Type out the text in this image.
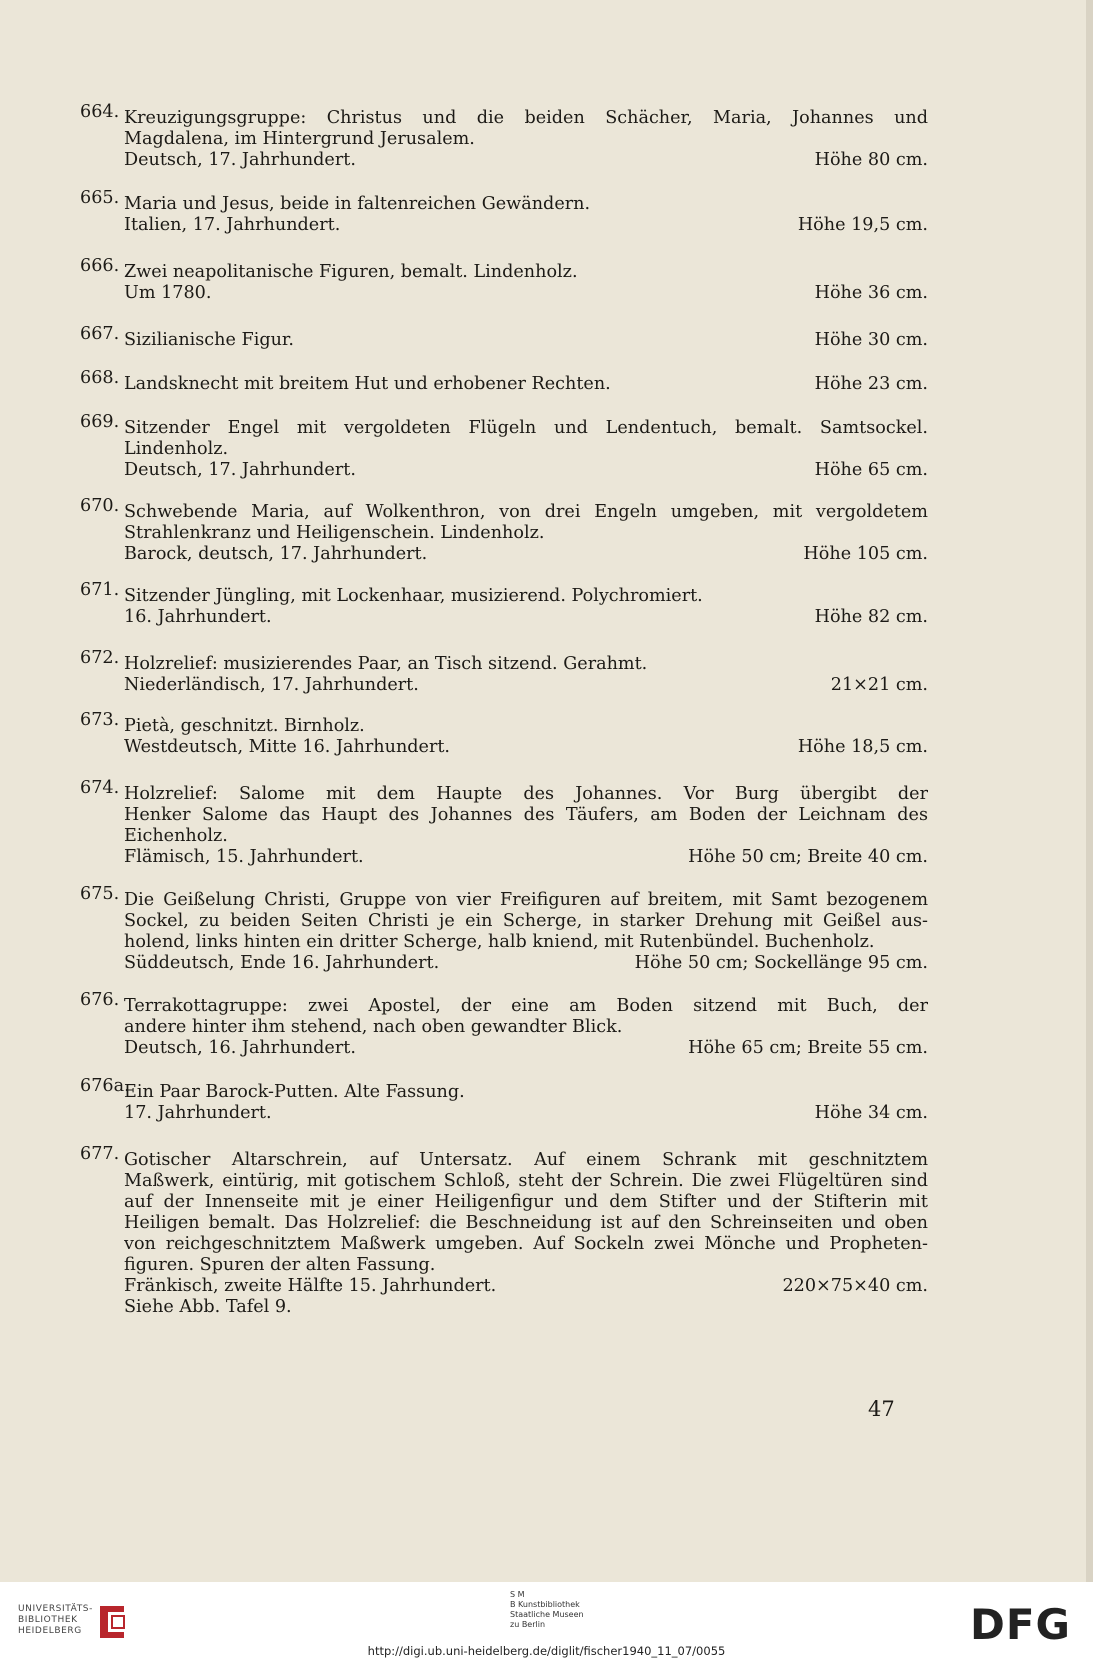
664. Kreuzigungsgruppe: Christus und die beiden Schächer, Maria, Johannes und
Magdalena, im Hintergrund Jerusalem.
Deutsch, 17. Jahrhundert.	Höhe 80 cm.
665. Maria und Jesus, beide in faltenreichen Gewändern.
Italien, 17. Jahrhundert.	Höhe 19,5 cm.
666. Zwei neapolitanische Figuren, bemalt. Lindenholz.
Um 1780.	Höhe 36 cm.
667. Sizilianische Figur.	Höhe 30 cm.
668. Landsknecht mit breitem Hut und erhobener Rechten.	Höhe 23 cm.
669. Sitzender Engel mit vergoldeten Flügeln und Lendentuch, bemalt. Samtsockel.
Lindenholz.
Deutsch, 17. Jahrhundert.	Höhe 65 cm.
670. Schwebende Maria, auf Wolkenthron, von drei Engeln umgeben, mit vergoldetem
Strahlenkranz und Heiligenschein. Lindenholz.
Barock, deutsch, 17. Jahrhundert.	Höhe 105 cm.
671. Sitzender Jüngling, mit Lockenhaar, musizierend. Polychromiert.
16. Jahrhundert.	Höhe 82 cm.
672. Holzrelief: musizierendes Paar, an Tisch sitzend. Gerahmt.
Niederländisch, 17. Jahrhundert.	21×21 cm.
673. Pietà, geschnitzt. Birnholz.
Westdeutsch, Mitte 16. Jahrhundert.	Höhe 18,5 cm.
674. Holzrelief: Salome mit dem Haupte des Johannes. Vor Burg übergibt der
Henker Salome das Haupt des Johannes des Täufers, am Boden der Leichnam des
Eichenholz.
Flämisch, 15. Jahrhundert.	Höhe 50 cm; Breite 40 cm.
675. Die Geißelung Christi, Gruppe von vier Freifiguren auf breitem, mit Samt bezogenem
Sockel, zu beiden Seiten Christi je ein Scherge, in starker Drehung mit Geißel aus-
holend, links hinten ein dritter Scherge, halb kniend, mit Rutenbündel. Buchenholz.
Süddeutsch, Ende 16. Jahrhundert.	Höhe 50 cm; Sockellänge 95 cm.
676. Terrakottagruppe: zwei Apostel, der eine am Boden sitzend mit Buch, der
andere hinter ihm stehend, nach oben gewandter Blick.
Deutsch, 16. Jahrhundert.	Höhe 65 cm; Breite 55 cm.
676a.
Ein Paar Barock-Putten. Alte Fassung.
17. Jahrhundert.	Höhe 34 cm.
677. Gotischer Altarschrein, auf Untersatz. Auf einem Schrank mit geschnitztem
Maßwerk, eintürig, mit gotischem Schloß, steht der Schrein. Die zwei Flügeltüren sind
auf der Innenseite mit je einer Heiligenfigur und dem Stifter und der Stifterin mit
Heiligen bemalt. Das Holzrelief: die Beschneidung ist auf den Schreinseiten und oben
von reichgeschnitztem Maßwerk umgeben. Auf Sockeln zwei Mönche und Propheten-
figuren. Spuren der alten Fassung.
Fränkisch, zweite Hälfte 15. Jahrhundert.	220×75×40 cm.
Siehe Abb. Tafel 9.
47
UNIVERSITÄTS-
BIBLIOTHEK
HEIDELBERG
S M
B Kunstbibliothek
Staatliche Museen
zu Berlin	DFG
http://digi.ub.uni-heidelberg.de/diglit/fischer1940_11_07/0055
